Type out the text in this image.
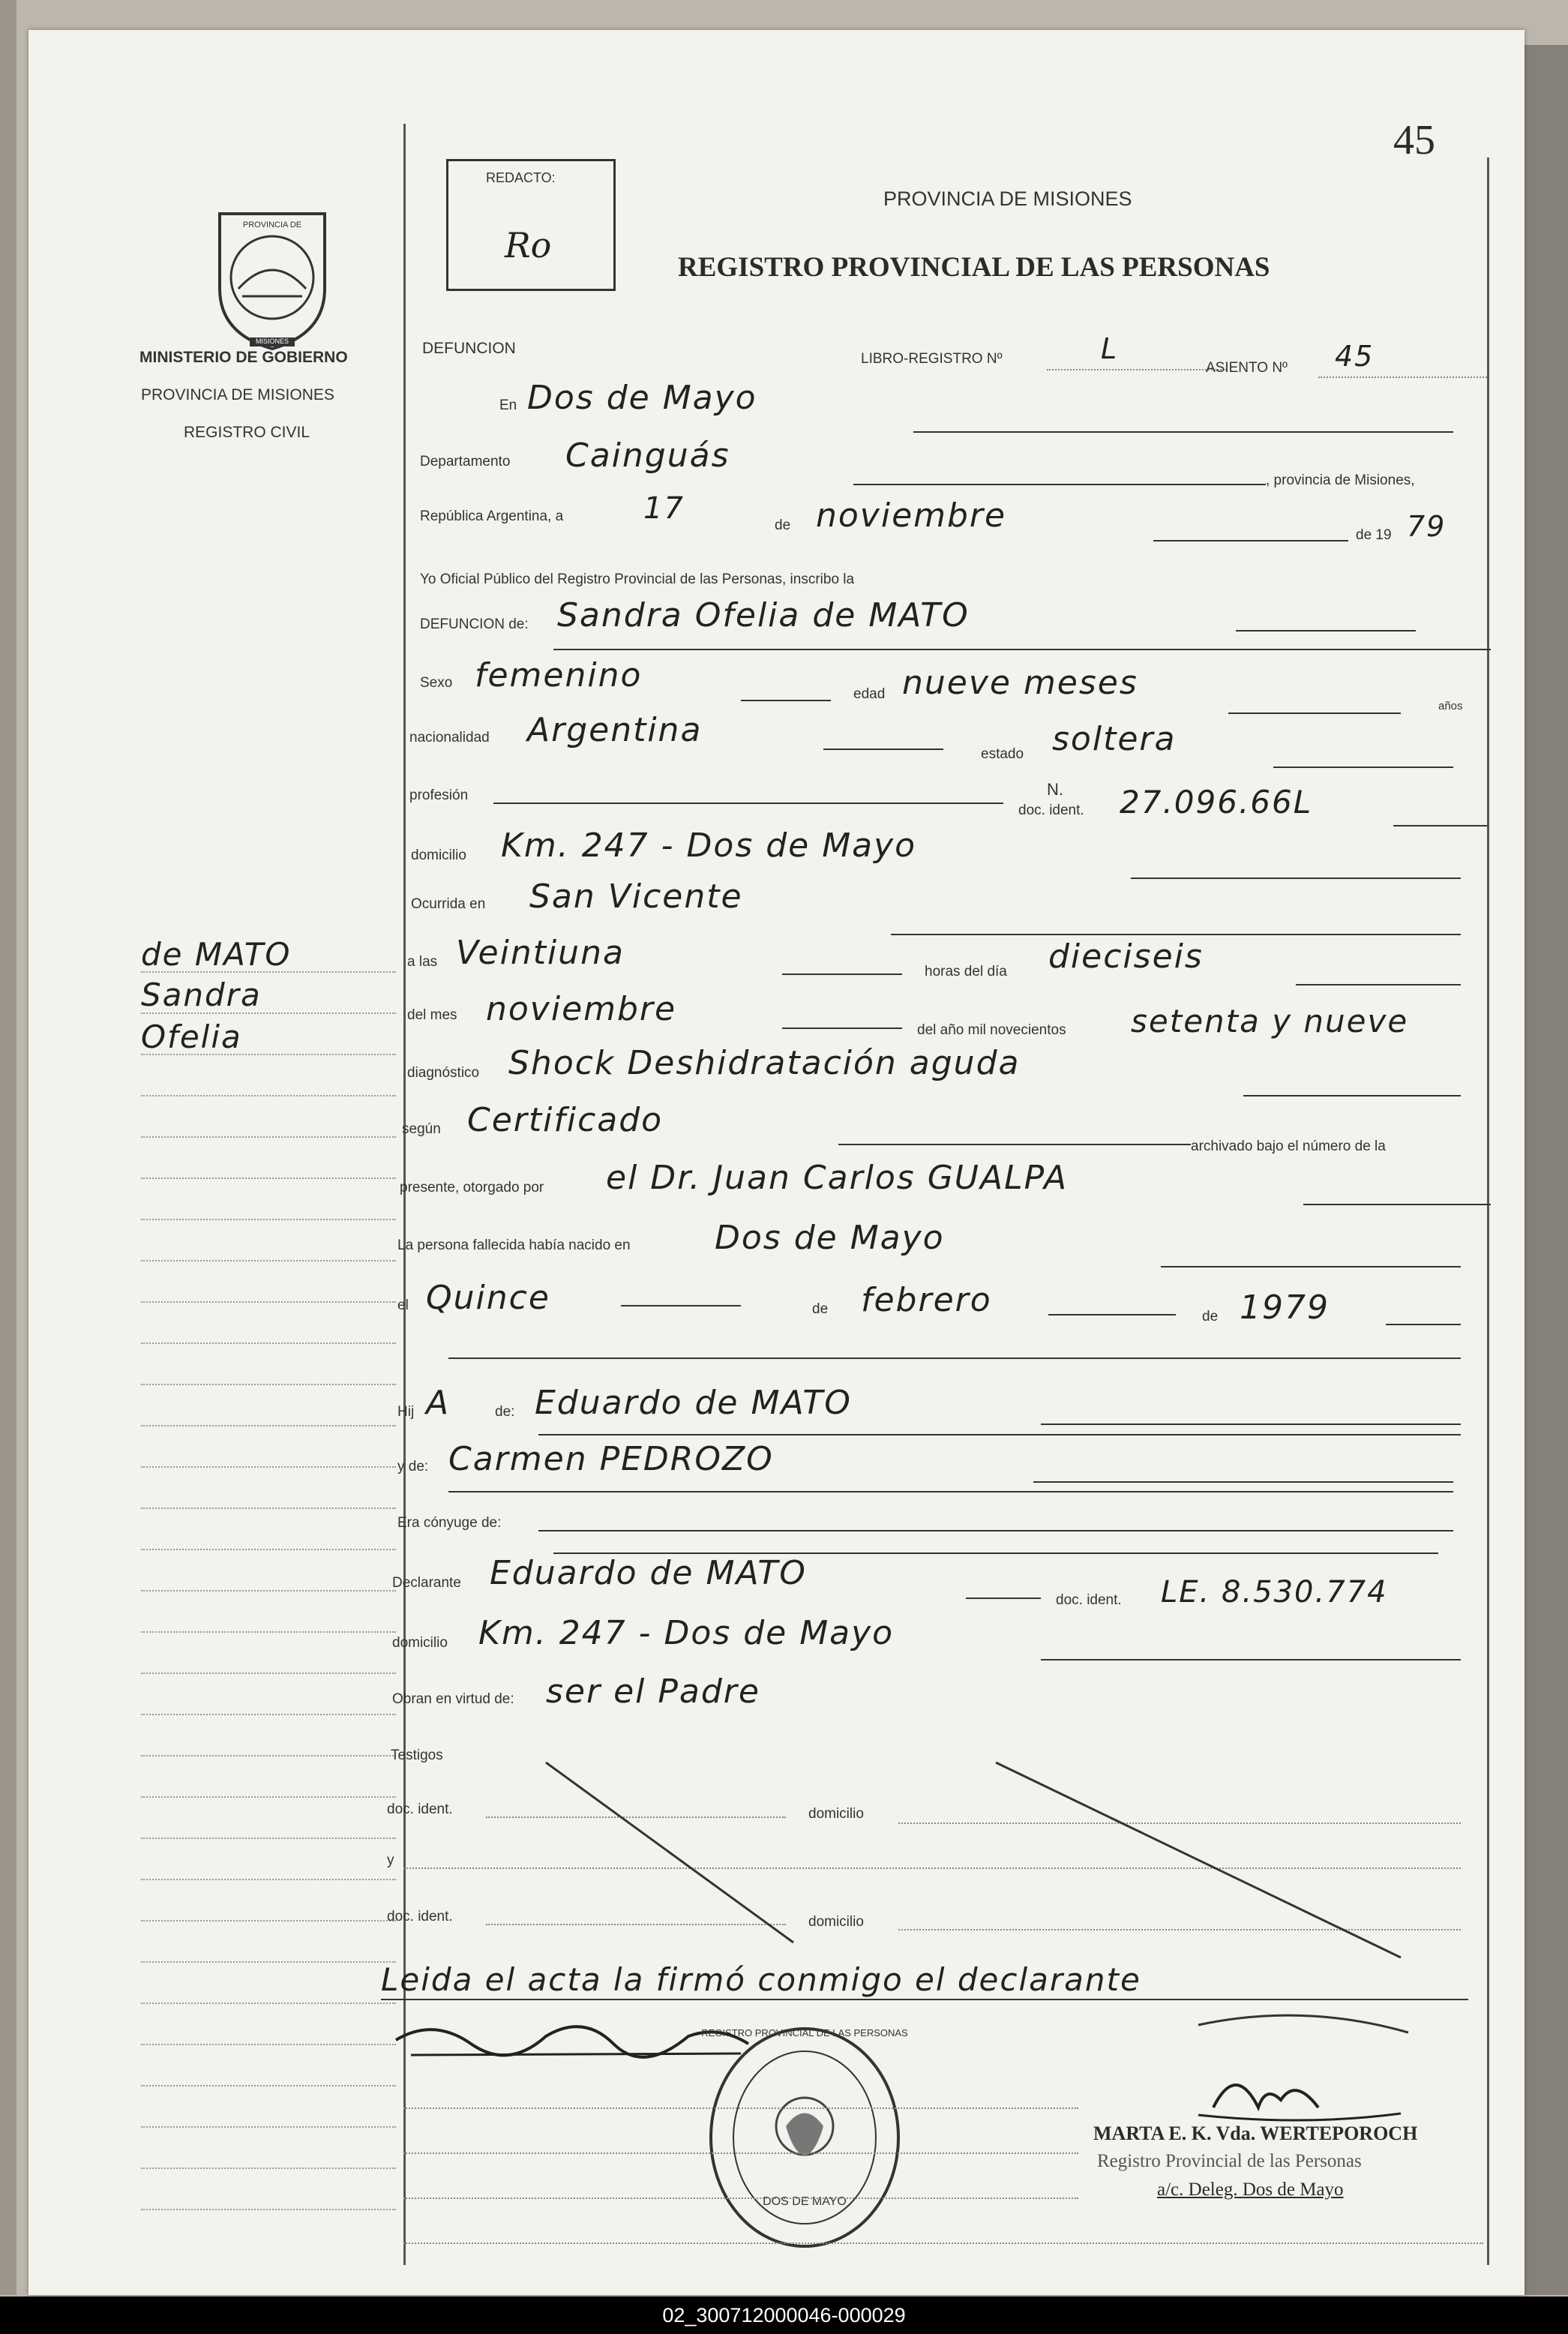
45
PROVINCIA DE
MISIONES
MINISTERIO DE GOBIERNO
PROVINCIA DE MISIONES
REGISTRO CIVIL
de MATO
Sandra
Ofelia
REDACTO:
Ro
PROVINCIA DE MISIONES
REGISTRO PROVINCIAL DE LAS PERSONAS
DEFUNCION
LIBRO-REGISTRO Nº	L
ASIENTO Nº 45
En Dos de Mayo
Departamento Cainguás
, provincia de Misiones,
República Argentina, a	17	de noviembre
de 19 79
Yo Oficial Público del Registro Provincial de las Personas, inscribo la
DEFUNCION de: Sandra Ofelia de MATO
Sexo femenino	edad nueve meses
años
nacionalidad Argentina
estado soltera
profesión
doc. ident.
N. 27.096.66L
domicilio Km. 247 - Dos de Mayo
Ocurrida en San Vicente
a las Veintiuna	horas del día dieciseis
del mes noviembre
del año mil novecientos setenta y nueve
diagnóstico Shock Deshidratación aguda
según Certificado
archivado bajo el número de la
presente, otorgado por el Dr. Juan Carlos GUALPA
La persona fallecida había nacido en	Dos de Mayo
el Quince	de febrero	de 1979
Hij A	de: Eduardo de MATO
y de: Carmen PEDROZO
Era cónyuge de:
Declarante Eduardo de MATO
doc. ident. LE. 8.530.774
domicilio Km. 247 - Dos de Mayo
Obran en virtud de: ser el Padre
Testigos
doc. ident.	domicilio
y
doc. ident.	domicilio
Leida el acta la firmó conmigo el declarante
REGISTRO PROVINCIAL DE LAS PERSONAS
DOS DE MAYO
MARTA E. K. Vda. WERTEPOROCH
Registro Provincial de las Personas
a/c. Deleg. Dos de Mayo
02_300712000046-000029
